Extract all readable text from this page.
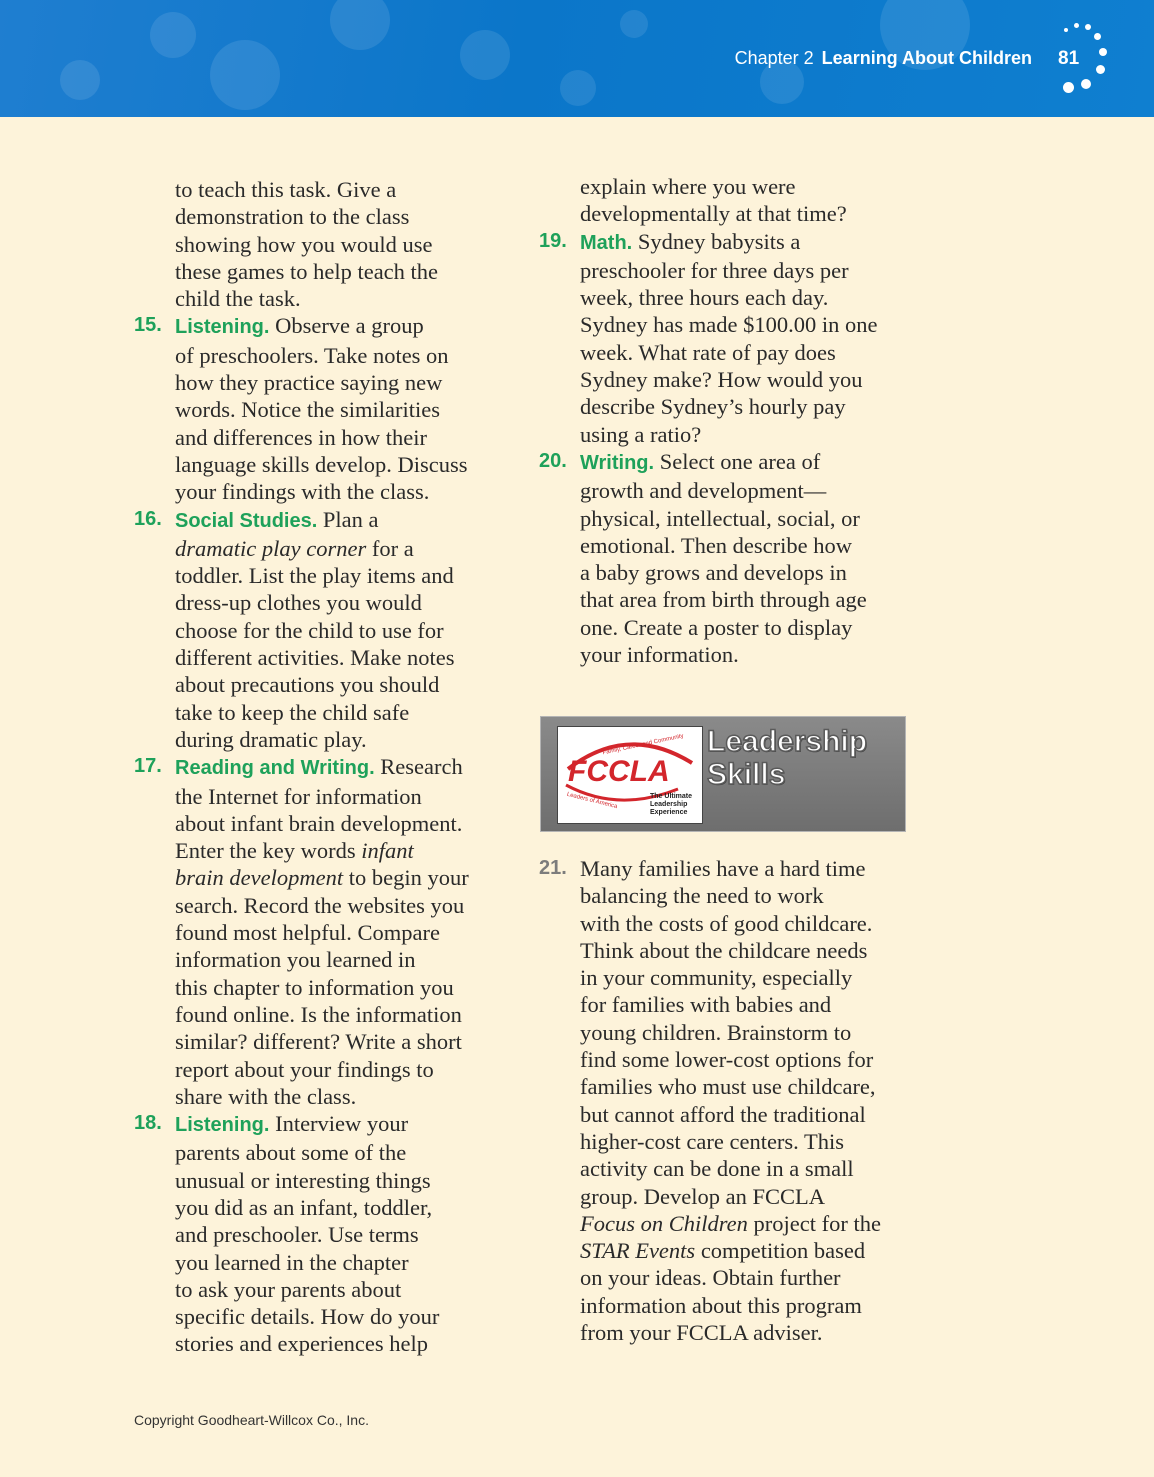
Chapter 2 Learning About Children 81
to teach this task. Give a
demonstration to the class
showing how you would use
these games to help teach the
child the task.
15. Listening. Observe a group
of preschoolers. Take notes on
how they practice saying new
words. Notice the similarities
and differences in how their
language skills develop. Discuss
your findings with the class.
16. Social Studies. Plan a
dramatic play corner for a
toddler. List the play items and
dress-up clothes you would
choose for the child to use for
different activities. Make notes
about precautions you should
take to keep the child safe
during dramatic play.
17. Reading and Writing. Research
the Internet for information
about infant brain development.
Enter the key words infant
brain development to begin your
search. Record the websites you
found most helpful. Compare
information you learned in
this chapter to information you
found online. Is the information
similar? different? Write a short
report about your findings to
share with the class.
18. Listening. Interview your
parents about some of the
unusual or interesting things
you did as an infant, toddler,
and preschooler. Use terms
you learned in the chapter
to ask your parents about
specific details. How do your
stories and experiences help
explain where you were
developmentally at that time?
19. Math. Sydney babysits a
preschooler for three days per
week, three hours each day.
Sydney has made $100.00 in one
week. What rate of pay does
Sydney make? How would you
describe Sydney’s hourly pay
using a ratio?
20. Writing. Select one area of
growth and development—
physical, intellectual, social, or
emotional. Then describe how
a baby grows and develops in
that area from birth through age
one. Create a poster to display
your information.
Family, Career and Community
Leaders of America
FCCLA
The Ultimate
Leadership
Experience
Leadership
Skills
21. Many families have a hard time
balancing the need to work
with the costs of good childcare.
Think about the childcare needs
in your community, especially
for families with babies and
young children. Brainstorm to
find some lower-cost options for
families who must use childcare,
but cannot afford the traditional
higher-cost care centers. This
activity can be done in a small
group. Develop an FCCLA
Focus on Children project for the
STAR Events competition based
on your ideas. Obtain further
information about this program
from your FCCLA adviser.
Copyright Goodheart-Willcox Co., Inc.
